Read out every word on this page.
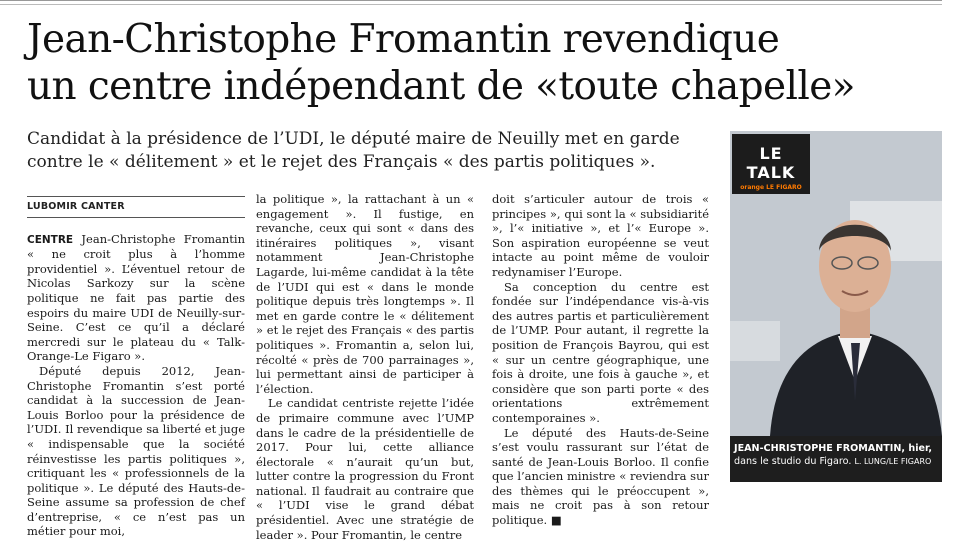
Jean-Christophe Fromantin revendique
un centre indépendant de «toute chapelle»

Candidat à la présidence de l’UDI, le député maire de Neuilly met en garde contre le « délitement » et le rejet des Français « des partis politiques ».

LUBOMIR CANTER

CENTRE Jean-Christophe Fromantin « ne croit plus à l’homme providentiel ». L’éventuel retour de Nicolas Sarkozy sur la scène politique ne fait pas partie des espoirs du maire UDI de Neuilly-sur-Seine. C’est ce qu’il a déclaré mercredi sur le plateau du « Talk-Orange-Le Figaro ».

Député depuis 2012, Jean-Christophe Fromantin s’est porté candidat à la succession de Jean-Louis Borloo pour la présidence de l’UDI. Il revendique sa liberté et juge « indispensable que la société réinvestisse les partis politiques », critiquant les « professionnels de la politique ». Le député des Hauts-de-Seine assume sa profession de chef d’entreprise, « ce n’est pas un métier pour moi,

la politique », la rattachant à un « engagement ». Il fustige, en revanche, ceux qui sont « dans des itinéraires politiques », visant notamment Jean-Christophe Lagarde, lui-même candidat à la tête de l’UDI qui est « dans le monde politique depuis très longtemps ». Il met en garde contre le « délitement » et le rejet des Français « des partis politiques ». Fromantin a, selon lui, récolté « près de 700 parrainages », lui permettant ainsi de participer à l’élection.

Le candidat centriste rejette l’idée de primaire commune avec l’UMP dans le cadre de la présidentielle de 2017. Pour lui, cette alliance électorale « n’aurait qu’un but, lutter contre la progression du Front national. Il faudrait au contraire que « l’UDI vise le grand débat présidentiel. Avec une stratégie de leader ». Pour Fromantin, le centre

doit s’articuler autour de trois « principes », qui sont la « subsidiarité », l’« initiative », et l’« Europe ». Son aspiration européenne se veut intacte au point même de vouloir redynamiser l’Europe.

Sa conception du centre est fondée sur l’indépendance vis-à-vis des autres partis et particulièrement de l’UMP. Pour autant, il regrette la position de François Bayrou, qui est « sur un centre géographique, une fois à droite, une fois à gauche », et considère que son parti porte « des orientations extrêmement contemporaines ».

Le député des Hauts-de-Seine s’est voulu rassurant sur l’état de santé de Jean-Louis Borloo. Il confie que l’ancien ministre « reviendra sur des thèmes qui le préoccupent », mais ne croit pas à son retour politique. ■

LE TALK
orange LE FIGARO
JEAN-CHRISTOPHE FROMANTIN, hier,
dans le studio du Figaro. L. LUNG/LE FIGARO
